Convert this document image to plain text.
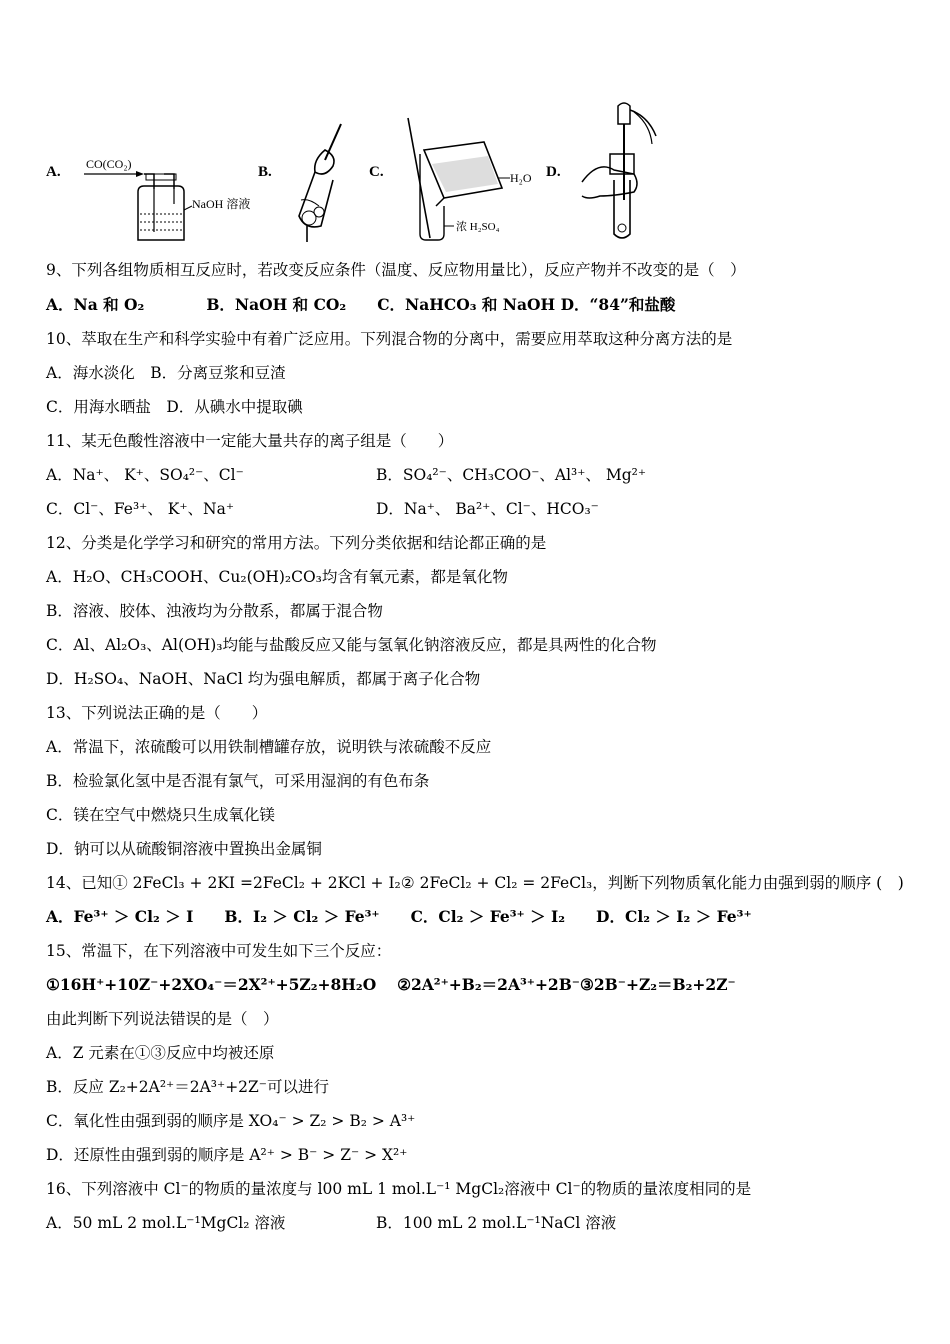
A. CO(CO₂)
NaOH 溶液
B.	C.	H₂O
浓 H₂SO₄
D.
9、下列各组物质相互反应时，若改变反应条件（温度、反应物用量比），反应产物并不改变的是（　）
A．Na 和 O₂　　　　B．NaOH 和 CO₂　　C．NaHCO₃ 和 NaOH D．“84”和盐酸
10、萃取在生产和科学实验中有着广泛应用。下列混合物的分离中，需要应用萃取这种分离方法的是
A．海水淡化　B．分离豆浆和豆渣
C．用海水晒盐　D．从碘水中提取碘
11、某无色酸性溶液中一定能大量共存的离子组是（　　）
A．Na⁺、 K⁺、SO₄²⁻、Cl⁻	B．SO₄²⁻、CH₃COO⁻、Al³⁺、 Mg²⁺
C．Cl⁻、Fe³⁺、 K⁺、Na⁺	D．Na⁺、 Ba²⁺、Cl⁻、HCO₃⁻
12、分类是化学学习和研究的常用方法。下列分类依据和结论都正确的是
A．H₂O、CH₃COOH、Cu₂(OH)₂CO₃均含有氧元素，都是氧化物
B．溶液、胶体、浊液均为分散系，都属于混合物
C．Al、Al₂O₃、Al(OH)₃均能与盐酸反应又能与氢氧化钠溶液反应，都是具两性的化合物
D．H₂SO₄、NaOH、NaCl 均为强电解质，都属于离子化合物
13、下列说法正确的是（　　）
A．常温下，浓硫酸可以用铁制槽罐存放，说明铁与浓硫酸不反应
B．检验氯化氢中是否混有氯气，可采用湿润的有色布条
C．镁在空气中燃烧只生成氧化镁
D．钠可以从硫酸铜溶液中置换出金属铜
14、已知① 2FeCl₃ + 2KI =2FeCl₂ + 2KCl + I₂② 2FeCl₂ + Cl₂ = 2FeCl₃，判断下列物质氧化能力由强到弱的顺序 (　)
A．Fe³⁺ ＞ Cl₂ ＞ I　　B．I₂ ＞ Cl₂ ＞ Fe³⁺　　C．Cl₂ ＞ Fe³⁺ ＞ I₂　　D．Cl₂ ＞ I₂ ＞ Fe³⁺
15、常温下，在下列溶液中可发生如下三个反应：
①16H⁺+10Z⁻+2XO₄⁻＝2X²⁺+5Z₂+8H₂O　 ②2A²⁺+B₂＝2A³⁺+2B⁻③2B⁻+Z₂＝B₂+2Z⁻
由此判断下列说法错误的是（　）
A．Z 元素在①③反应中均被还原
B．反应 Z₂+2A²⁺＝2A³⁺+2Z⁻可以进行
C．氧化性由强到弱的顺序是 XO₄⁻ > Z₂ > B₂ > A³⁺
D．还原性由强到弱的顺序是 A²⁺ > B⁻ > Z⁻ > X²⁺
16、下列溶液中 Cl⁻的物质的量浓度与 l00 mL 1 mol.L⁻¹ MgCl₂溶液中 Cl⁻的物质的量浓度相同的是
A．50 mL 2 mol.L⁻¹MgCl₂ 溶液	B．100 mL 2 mol.L⁻¹NaCl 溶液
